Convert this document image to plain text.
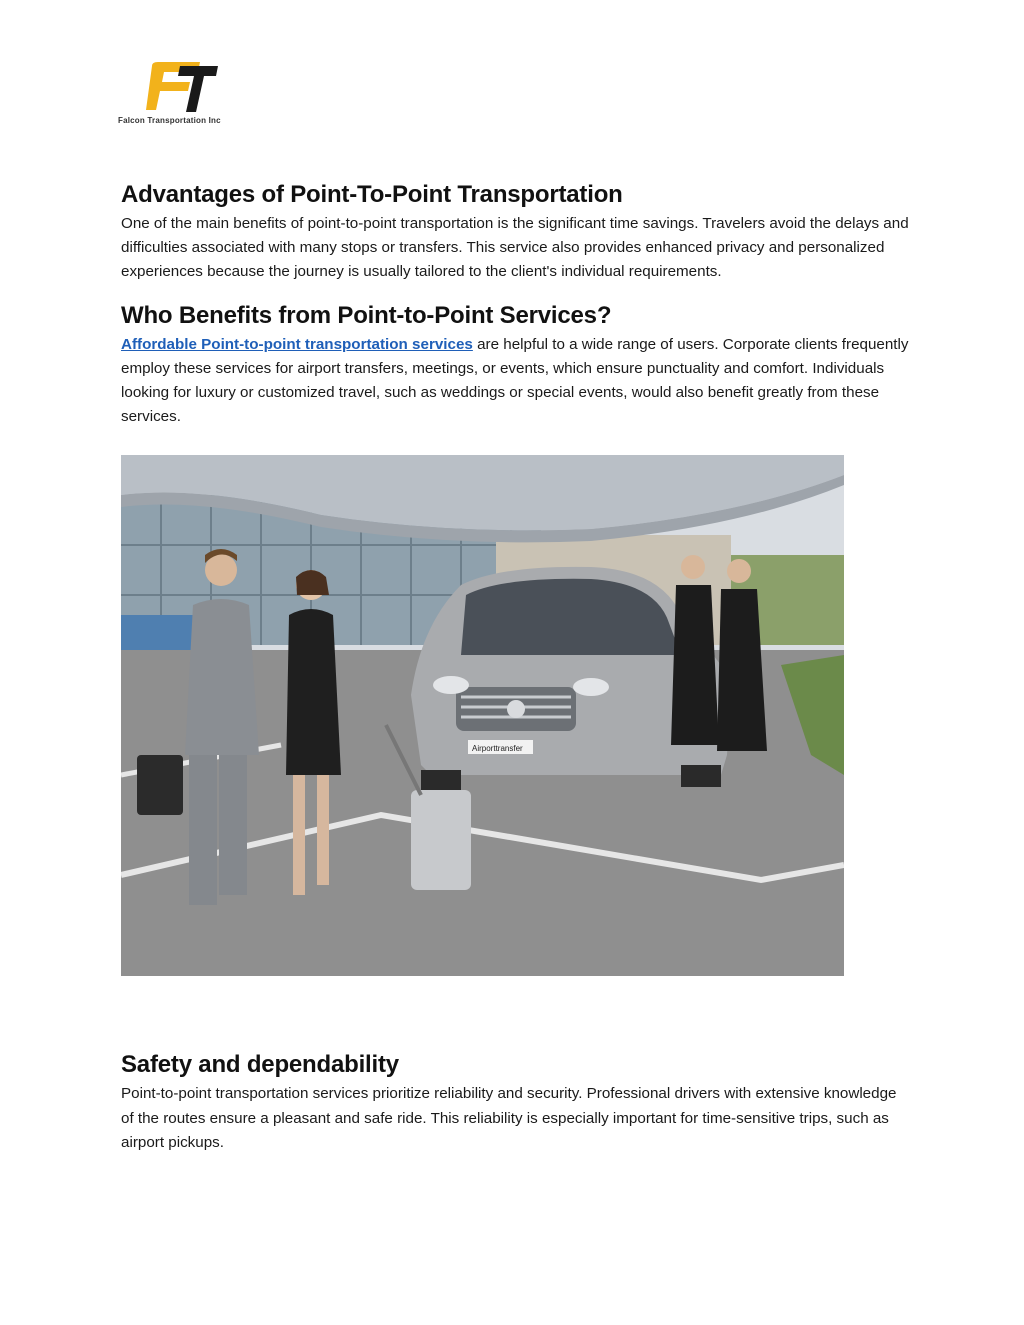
Falcon Transportation Inc
Advantages of Point-To-Point Transportation

One of the main benefits of point-to-point transportation is the significant time savings. Travelers avoid the delays and difficulties associated with many stops or transfers. This service also provides enhanced privacy and personalized experiences because the journey is usually tailored to the client's individual requirements.

Who Benefits from Point-to-Point Services?

Affordable Point-to-point transportation services are helpful to a wide range of users. Corporate clients frequently employ these services for airport transfers, meetings, or events, which ensure punctuality and comfort. Individuals looking for luxury or customized travel, such as weddings or special events, would also benefit greatly from these services.

Airporttransfer
Safety and dependability

Point-to-point transportation services prioritize reliability and security. Professional drivers with extensive knowledge of the routes ensure a pleasant and safe ride. This reliability is especially important for time-sensitive trips, such as airport pickups.
